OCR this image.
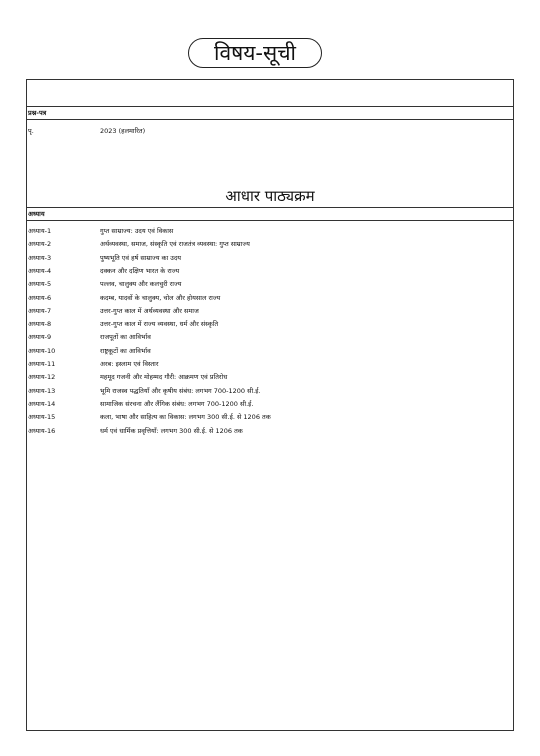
विषय-सूची
प्रश्न-पत्र
पृ.	2023 (हलमारित)
आधार पाठ्यक्रम
अध्याय
अध्याय-1	गुप्त साम्राज्य: उदय एवं विकास
अध्याय-2	अर्थव्यवस्था, समाज, संस्कृति एवं राजतंत्र व्यवस्था: गुप्त साम्राज्य
अध्याय-3	पुष्यभूति एवं हर्ष साम्राज्य का उदय
अध्याय-4	दक्कन और दक्षिण भारत के राज्य
अध्याय-5	पल्लव, चालुक्य और कलचुरी राज्य
अध्याय-6	कदम्ब, यादवों के चालुक्य, चोल और होयसाल राज्य
अध्याय-7	उत्तर-गुप्त काल में अर्थव्यवस्था और समाज
अध्याय-8	उत्तर-गुप्त काल में राज्य व्यवस्था, धर्म और संस्कृति
अध्याय-9	राजपूतों का आविर्भाव
अध्याय-10	राष्ट्रकूटों का आविर्भाव
अध्याय-11	अरब: इस्लाम एवं विस्तार
अध्याय-12	महमूद गजनी और मोहम्मद गौरी: आक्रमण एवं प्रतिरोध
अध्याय-13	भूमि राजस्व पद्धतियाँ और कृषीय संबंध: लगभग 700-1200 सी.ई.
अध्याय-14	सामाजिक संरचना और लैंगिक संबंध: लगभग 700-1200 सी.ई.
अध्याय-15	कला, भाषा और साहित्य का विकास: लगभग 300 सी.ई. से 1206 तक
अध्याय-16	धर्म एवं धार्मिक प्रवृत्तियाँ: लगभग 300 सी.ई. से 1206 तक
